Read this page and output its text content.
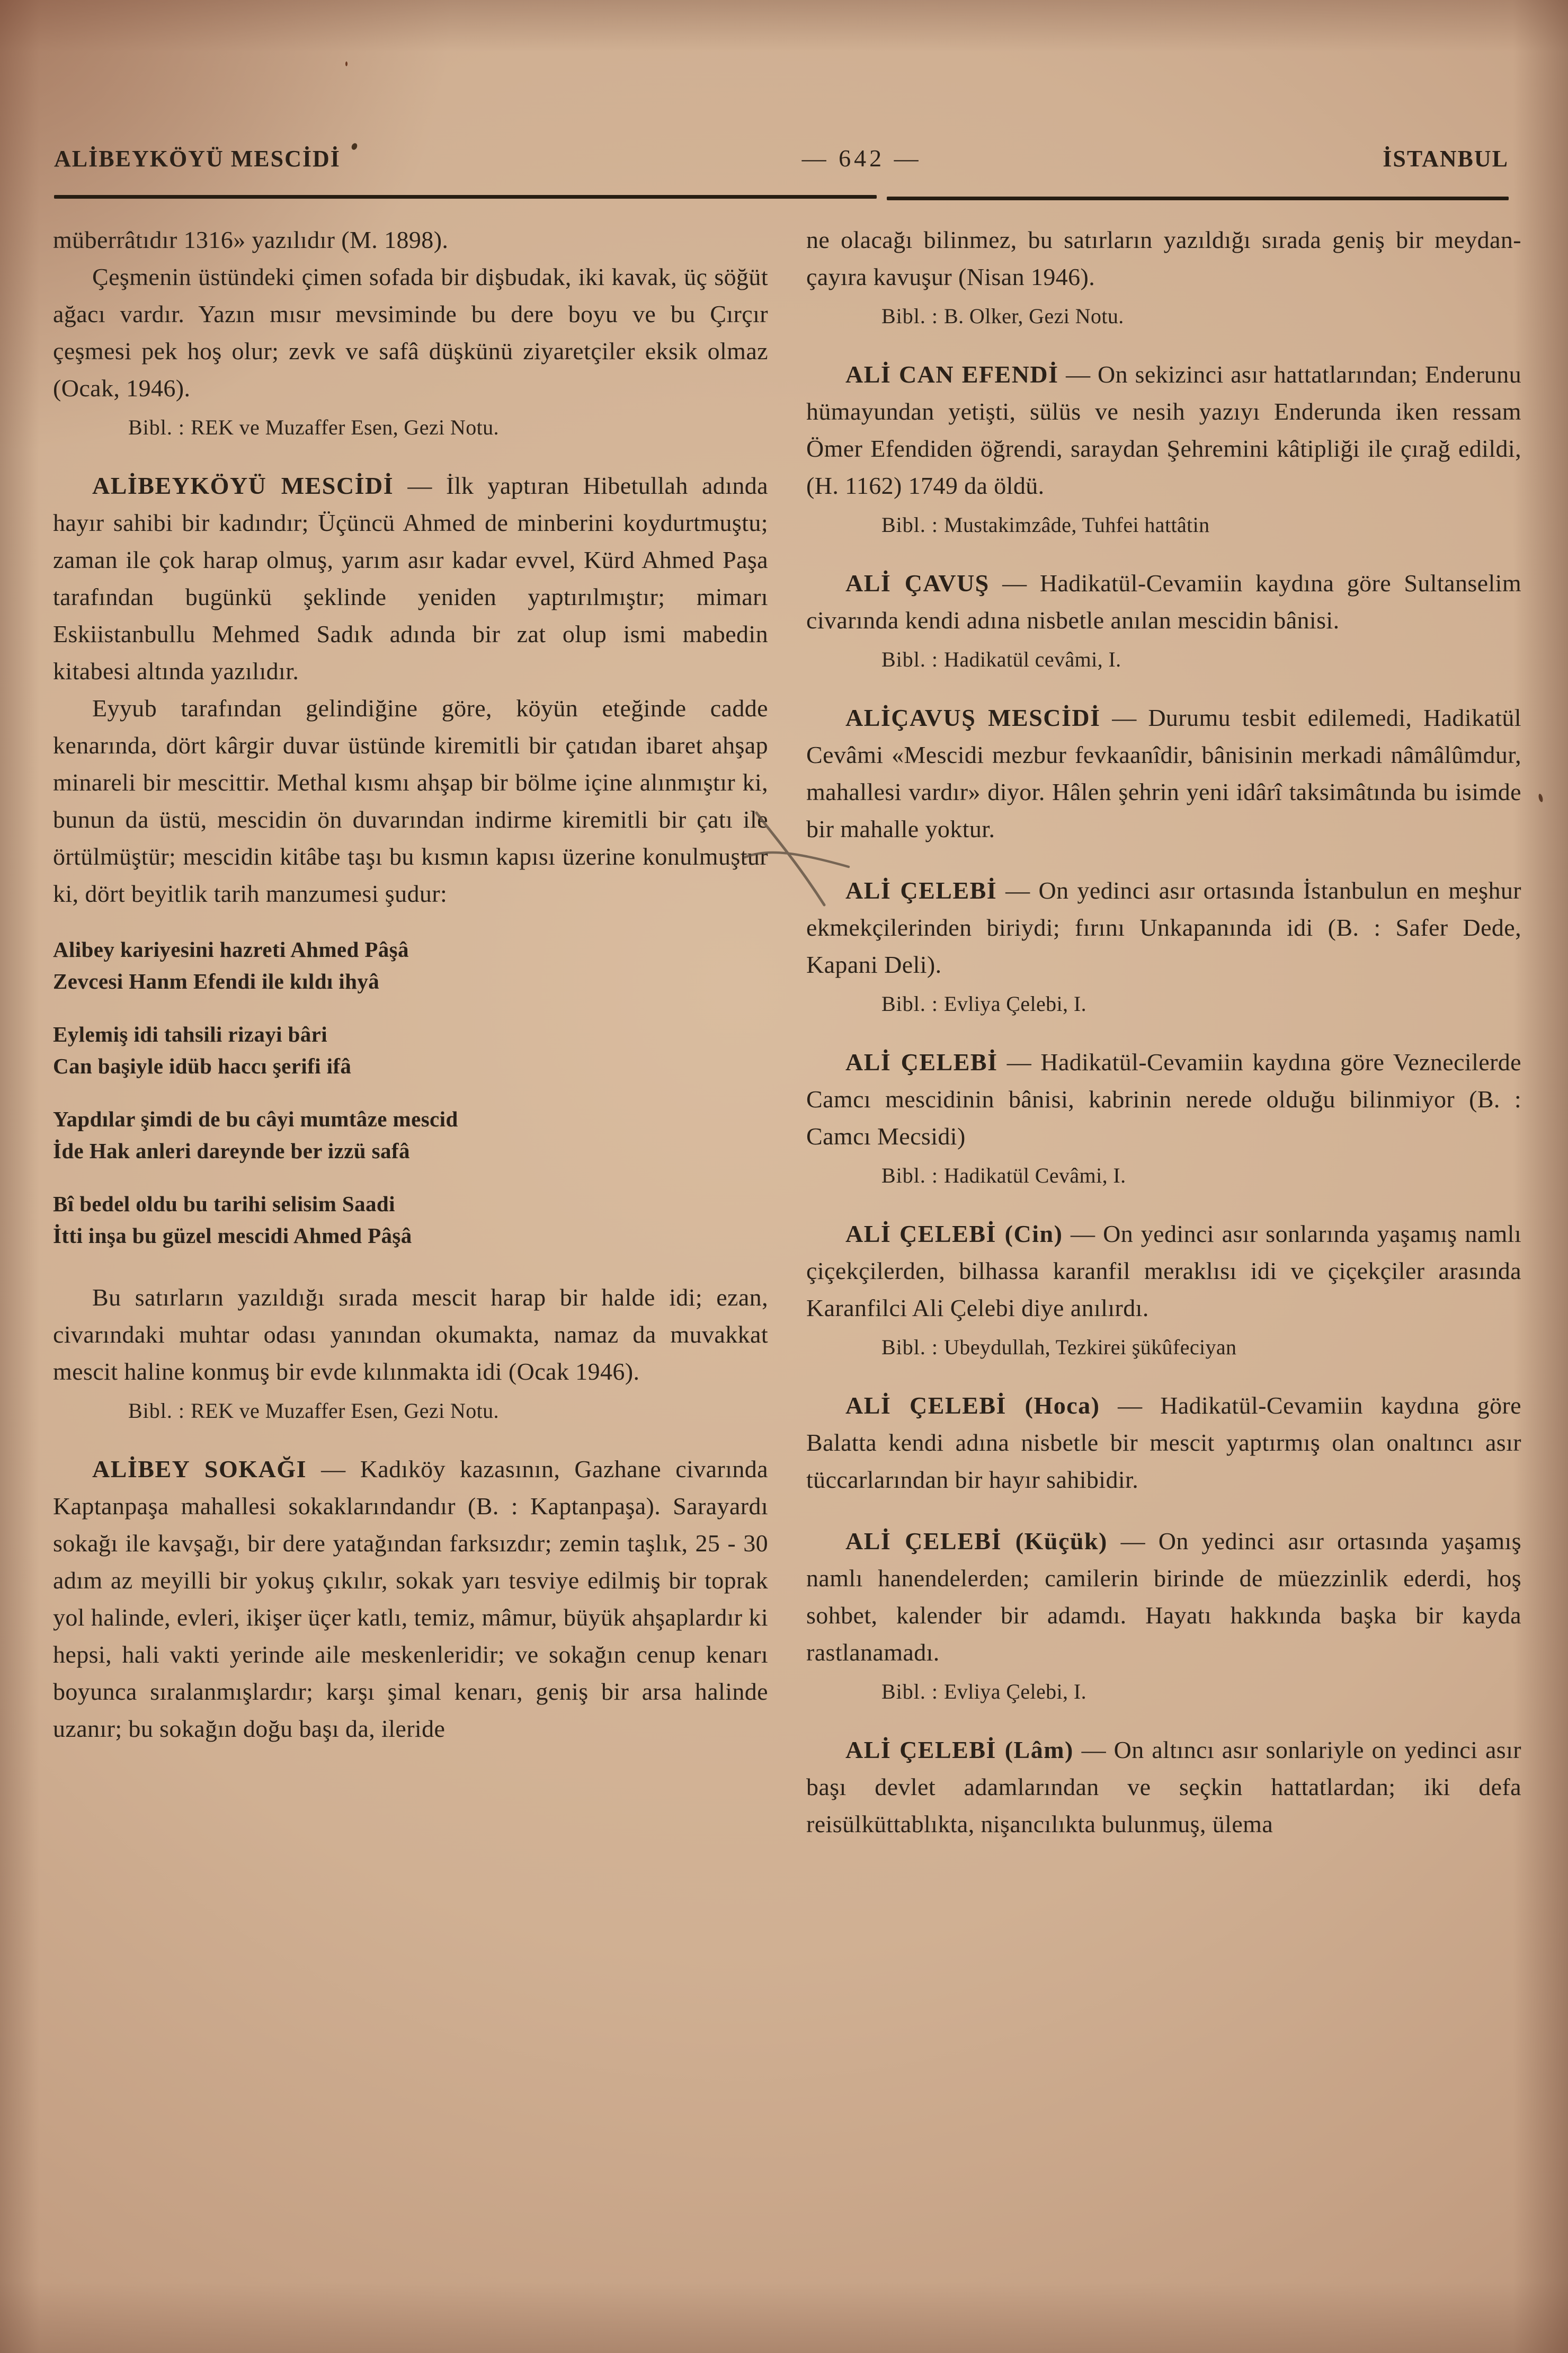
ALİBEYKÖYÜ MESCİDİ	— 642 —	İSTANBUL

müberrâtıdır 1316» yazılıdır (M. 1898).

Çeşmenin üstündeki çimen sofada bir dişbudak, iki kavak, üç söğüt ağacı vardır. Yazın mısır mevsiminde bu dere boyu ve bu Çırçır çeşmesi pek hoş olur; zevk ve safâ düşkünü ziyaretçiler eksik olmaz (Ocak, 1946).

Bibl. : REK ve Muzaffer Esen, Gezi Notu.

ALİBEYKÖYÜ MESCİDİ — İlk yaptıran Hibetullah adında hayır sahibi bir kadındır; Üçüncü Ahmed de minberini koydurtmuştu; zaman ile çok harap olmuş, yarım asır kadar evvel, Kürd Ahmed Paşa tarafından bugünkü şeklinde yeniden yaptırılmıştır; mimarı Eskiistanbullu Mehmed Sadık adında bir zat olup ismi mabedin kitabesi altında yazılıdır.

Eyyub tarafından gelindiğine göre, köyün eteğinde cadde kenarında, dört kârgir duvar üstünde kiremitli bir çatıdan ibaret ahşap minareli bir mescittir. Methal kısmı ahşap bir bölme içine alınmıştır ki, bunun da üstü, mescidin ön duvarından indirme kiremitli bir çatı ile örtülmüştür; mescidin kitâbe taşı bu kısmın kapısı üzerine konulmuştur ki, dört beyitlik tarih manzumesi şudur:

Alibey kariyesini hazreti Ahmed Pâşâ
Zevcesi Hanm Efendi ile kıldı ihyâ
Eylemiş idi tahsili rizayi bâri
Can başiyle idüb haccı şerifi ifâ
Yapdılar şimdi de bu câyi mumtâze mescid
İde Hak anleri dareynde ber izzü safâ
Bî bedel oldu bu tarihi selisim Saadi
İtti inşa bu güzel mescidi Ahmed Pâşâ

Bu satırların yazıldığı sırada mescit harap bir halde idi; ezan, civarındaki muhtar odası yanından okumakta, namaz da muvakkat mescit haline konmuş bir evde kılınmakta idi (Ocak 1946).

Bibl. : REK ve Muzaffer Esen, Gezi Notu.

ALİBEY SOKAĞI — Kadıköy kazasının, Gazhane civarında Kaptanpaşa mahallesi sokaklarındandır (B. : Kaptanpaşa). Sarayardı sokağı ile kavşağı, bir dere yatağından farksızdır; zemin taşlık, 25 - 30 adım az meyilli bir yokuş çıkılır, sokak yarı tesviye edilmiş bir toprak yol halinde, evleri, ikişer üçer katlı, temiz, mâmur, büyük ahşaplardır ki hepsi, hali vakti yerinde aile meskenleridir; ve sokağın cenup kenarı boyunca sıralanmışlardır; karşı şimal kenarı, geniş bir arsa halinde uzanır; bu sokağın doğu başı da, ileride

ne olacağı bilinmez, bu satırların yazıldığı sırada geniş bir meydan-çayıra kavuşur (Nisan 1946).

Bibl. : B. Olker, Gezi Notu.

ALİ CAN EFENDİ — On sekizinci asır hattatlarından; Enderunu hümayundan yetişti, sülüs ve nesih yazıyı Enderunda iken ressam Ömer Efendiden öğrendi, saraydan Şehremini kâtipliği ile çırağ edildi, (H. 1162) 1749 da öldü.

Bibl. : Mustakimzâde, Tuhfei hattâtin

ALİ ÇAVUŞ — Hadikatül-Cevamiin kaydına göre Sultanselim civarında kendi adına nisbetle anılan mescidin bânisi.

Bibl. : Hadikatül cevâmi, I.

ALİÇAVUŞ MESCİDİ — Durumu tesbit edilemedi, Hadikatül Cevâmi «Mescidi mezbur fevkaanîdir, bânisinin merkadi nâmâlûmdur, mahallesi vardır» diyor. Hâlen şehrin yeni idârî taksimâtında bu isimde bir mahalle yoktur.

ALİ ÇELEBİ — On yedinci asır ortasında İstanbulun en meşhur ekmekçilerinden biriydi; fırını Unkapanında idi (B. : Safer Dede, Kapani Deli).

Bibl. : Evliya Çelebi, I.

ALİ ÇELEBİ — Hadikatül-Cevamiin kaydına göre Veznecilerde Camcı mescidinin bânisi, kabrinin nerede olduğu bilinmiyor (B. : Camcı Mecsidi)

Bibl. : Hadikatül Cevâmi, I.

ALİ ÇELEBİ (Cin) — On yedinci asır sonlarında yaşamış namlı çiçekçilerden, bilhassa karanfil meraklısı idi ve çiçekçiler arasında Karanfilci Ali Çelebi diye anılırdı.

Bibl. : Ubeydullah, Tezkirei şükûfeciyan

ALİ ÇELEBİ (Hoca) — Hadikatül-Cevamiin kaydına göre Balatta kendi adına nisbetle bir mescit yaptırmış olan onaltıncı asır tüccarlarından bir hayır sahibidir.

ALİ ÇELEBİ (Küçük) — On yedinci asır ortasında yaşamış namlı hanendelerden; camilerin birinde de müezzinlik ederdi, hoş sohbet, kalender bir adamdı. Hayatı hakkında başka bir kayda rastlanamadı.

Bibl. : Evliya Çelebi, I.

ALİ ÇELEBİ (Lâm) — On altıncı asır sonlariyle on yedinci asır başı devlet adamlarından ve seçkin hattatlardan; iki defa reisülküttablıkta, nişancılıkta bulunmuş, ülema
